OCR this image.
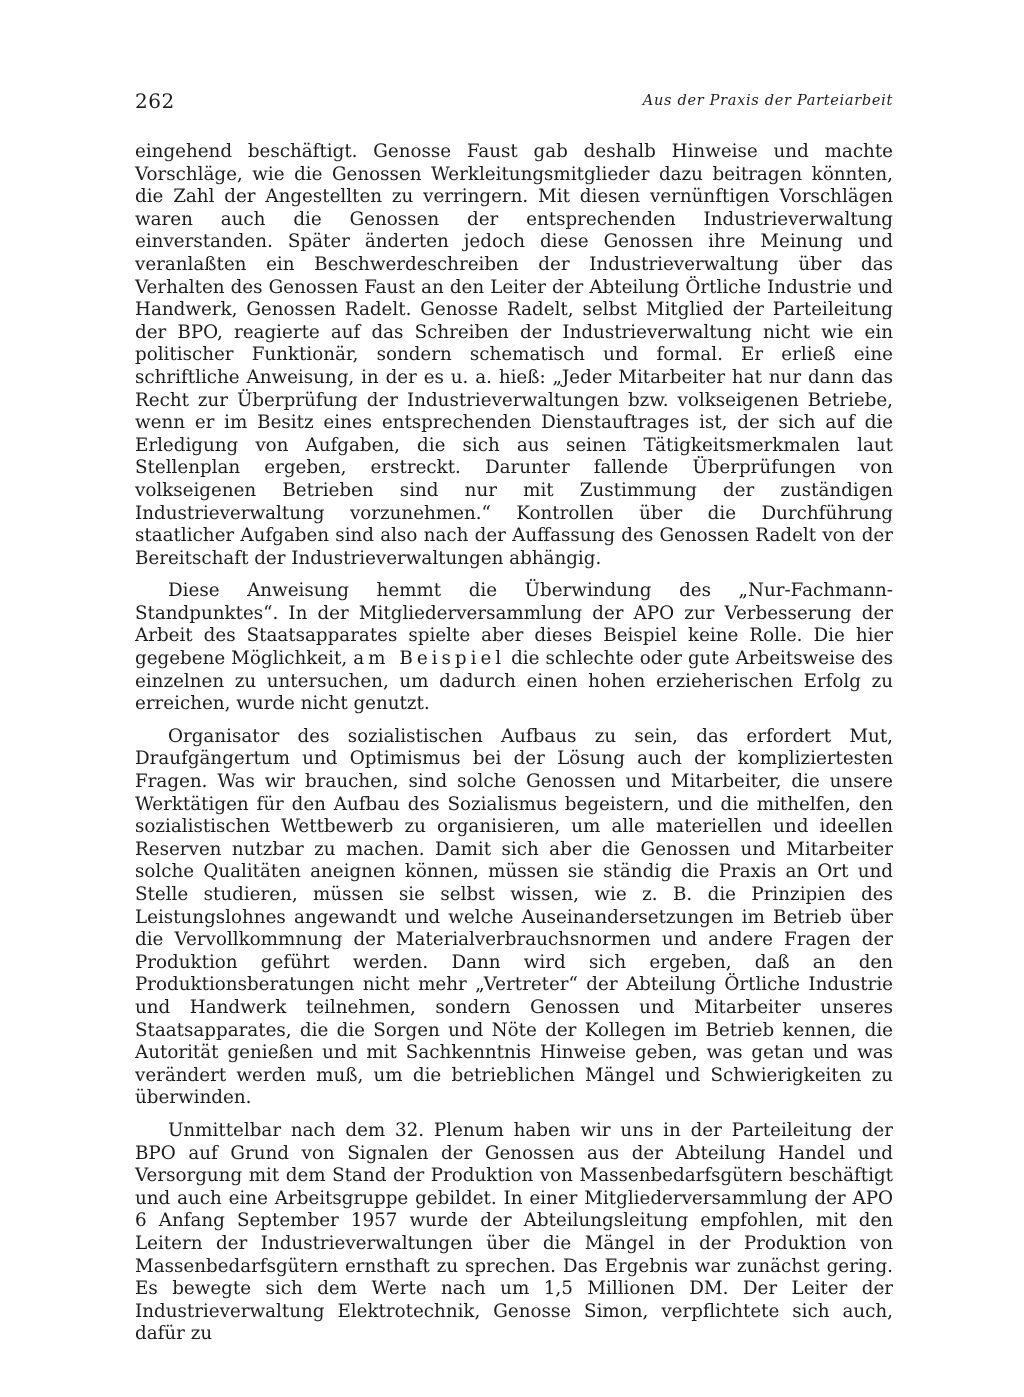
262	Aus der Praxis der Parteiarbeit

eingehend beschäftigt. Genosse Faust gab deshalb Hinweise und machte Vorschläge, wie die Genossen Werkleitungsmitglieder dazu beitragen könnten, die Zahl der Angestellten zu verringern. Mit diesen vernünftigen Vorschlägen waren auch die Genossen der entsprechenden Industrieverwaltung einverstanden. Später änderten jedoch diese Genossen ihre Meinung und veranlaßten ein Beschwerdeschreiben der Industrieverwaltung über das Verhalten des Genossen Faust an den Leiter der Abteilung Örtliche Industrie und Handwerk, Genossen Radelt. Genosse Radelt, selbst Mitglied der Parteileitung der BPO, reagierte auf das Schreiben der Industrieverwaltung nicht wie ein politischer Funktionär, sondern schematisch und formal. Er erließ eine schriftliche Anweisung, in der es u. a. hieß: „Jeder Mitarbeiter hat nur dann das Recht zur Überprüfung der Industrieverwaltungen bzw. volkseigenen Betriebe, wenn er im Besitz eines entsprechenden Dienstauftrages ist, der sich auf die Erledigung von Aufgaben, die sich aus seinen Tätigkeitsmerkmalen laut Stellenplan ergeben, erstreckt. Darunter fallende Überprüfungen von volkseigenen Betrieben sind nur mit Zustimmung der zuständigen Industrieverwaltung vorzunehmen.“ Kontrollen über die Durchführung staatlicher Aufgaben sind also nach der Auffassung des Genossen Radelt von der Bereitschaft der Industrieverwaltungen abhängig.

Diese Anweisung hemmt die Überwindung des „Nur-Fachmann-Standpunktes“. In der Mitgliederversammlung der APO zur Verbesserung der Arbeit des Staatsapparates spielte aber dieses Beispiel keine Rolle. Die hier gegebene Möglichkeit, am Beispiel die schlechte oder gute Arbeitsweise des einzelnen zu untersuchen, um dadurch einen hohen erzieherischen Erfolg zu erreichen, wurde nicht genutzt.

Organisator des sozialistischen Aufbaus zu sein, das erfordert Mut, Draufgängertum und Optimismus bei der Lösung auch der kompliziertesten Fragen. Was wir brauchen, sind solche Genossen und Mitarbeiter, die unsere Werktätigen für den Aufbau des Sozialismus begeistern, und die mithelfen, den sozialistischen Wettbewerb zu organisieren, um alle materiellen und ideellen Reserven nutzbar zu machen. Damit sich aber die Genossen und Mitarbeiter solche Qualitäten aneignen können, müssen sie ständig die Praxis an Ort und Stelle studieren, müssen sie selbst wissen, wie z. B. die Prinzipien des Leistungslohnes angewandt und welche Auseinandersetzungen im Betrieb über die Vervollkommnung der Materialverbrauchsnormen und andere Fragen der Produktion geführt werden. Dann wird sich ergeben, daß an den Produktionsberatungen nicht mehr „Vertreter“ der Abteilung Örtliche Industrie und Handwerk teilnehmen, sondern Genossen und Mitarbeiter unseres Staatsapparates, die die Sorgen und Nöte der Kollegen im Betrieb kennen, die Autorität genießen und mit Sachkenntnis Hinweise geben, was getan und was verändert werden muß, um die betrieblichen Mängel und Schwierigkeiten zu überwinden.

Unmittelbar nach dem 32. Plenum haben wir uns in der Parteileitung der BPO auf Grund von Signalen der Genossen aus der Abteilung Handel und Versorgung mit dem Stand der Produktion von Massenbedarfsgütern beschäftigt und auch eine Arbeitsgruppe gebildet. In einer Mitgliederversammlung der APO 6 Anfang September 1957 wurde der Abteilungsleitung empfohlen, mit den Leitern der Industrieverwaltungen über die Mängel in der Produktion von Massenbedarfsgütern ernsthaft zu sprechen. Das Ergebnis war zunächst gering. Es bewegte sich dem Werte nach um 1,5 Millionen DM. Der Leiter der Industrieverwaltung Elektrotechnik, Genosse Simon, verpflichtete sich auch, dafür zu
